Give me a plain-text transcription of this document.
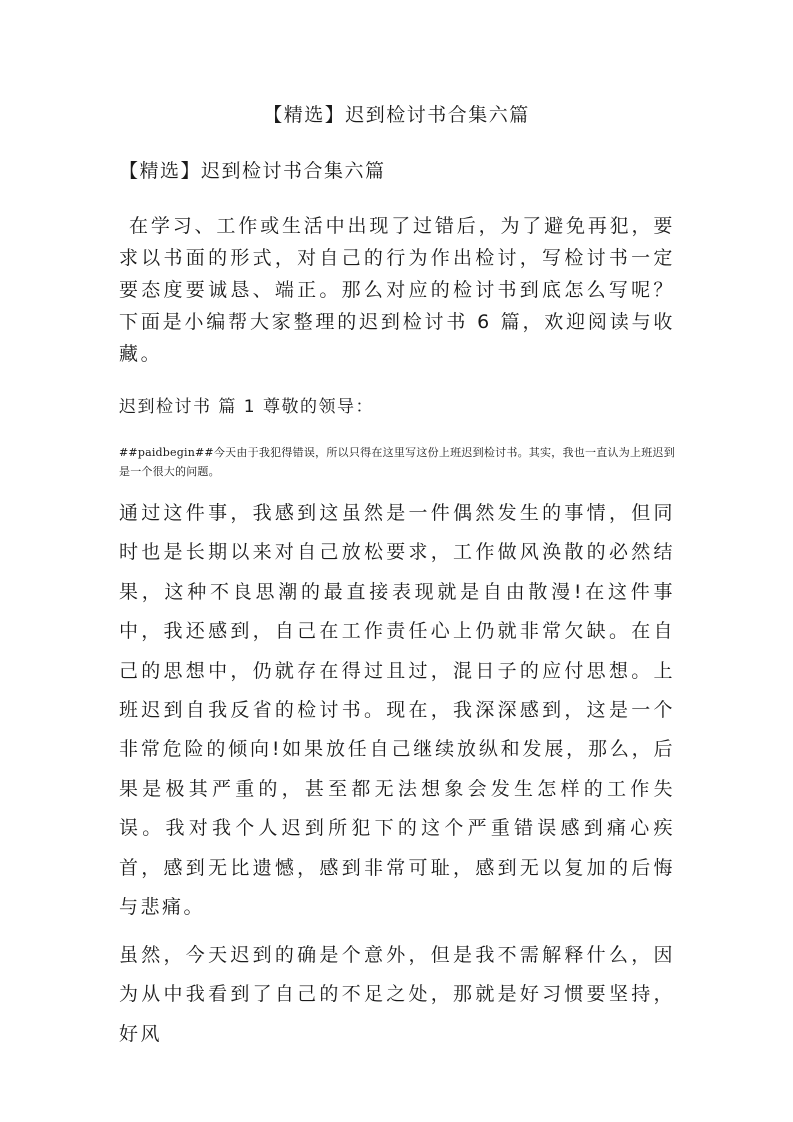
【精选】迟到检讨书合集六篇
【精选】迟到检讨书合集六篇
在学习、工作或生活中出现了过错后，为了避免再犯，要求以书面的形式，对自己的行为作出检讨，写检讨书一定要态度要诚恳、端正。那么对应的检讨书到底怎么写呢？下面是小编帮大家整理的迟到检讨书 6 篇，欢迎阅读与收藏。
迟到检讨书 篇 1 尊敬的领导：
##paidbegin##今天由于我犯得错误，所以只得在这里写这份上班迟到检讨书。其实，我也一直认为上班迟到是一个很大的问题。
通过这件事，我感到这虽然是一件偶然发生的事情，但同时也是长期以来对自己放松要求，工作做风涣散的必然结果，这种不良思潮的最直接表现就是自由散漫!在这件事中，我还感到，自己在工作责任心上仍就非常欠缺。在自己的思想中，仍就存在得过且过，混日子的应付思想。上班迟到自我反省的检讨书。现在，我深深感到，这是一个非常危险的倾向!如果放任自己继续放纵和发展，那么，后果是极其严重的，甚至都无法想象会发生怎样的工作失误。我对我个人迟到所犯下的这个严重错误感到痛心疾首，感到无比遗憾，感到非常可耻，感到无以复加的后悔与悲痛。
虽然，今天迟到的确是个意外，但是我不需解释什么，因为从中我看到了自己的不足之处，那就是好习惯要坚持，好风
